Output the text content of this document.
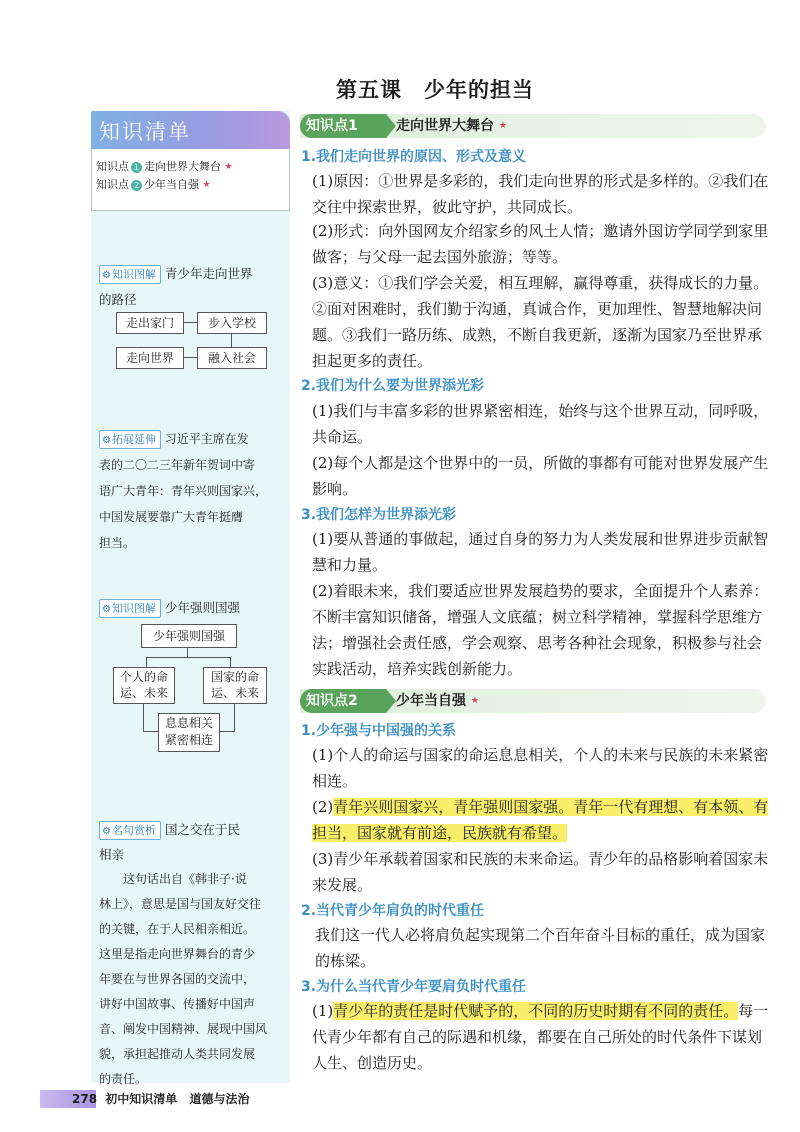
第五课　少年的担当
知识清单
知识点 1 走向世界大舞台 ★
知识点 2 少年当自强 ★
⚙知识图解 青少年走向世界
的路径
走出家门	步入学校
走向世界	融入社会
⚙拓展延伸 习近平主席在发
表的二〇二三年新年贺词中寄
语广大青年：青年兴则国家兴，
中国发展要靠广大青年挺膺
担当。
⚙知识图解 少年强则国强
少年强则国强
个人的命
运、未来
国家的命
运、未来
息息相关
紧密相连
⚙名句赏析 国之交在于民
相亲
这句话出自《韩非子·说
林上》，意思是国与国友好交往
的关键，在于人民相亲相近。
这里是指走向世界舞台的青少
年要在与世界各国的交流中，
讲好中国故事、传播好中国声
音、阐发中国精神、展现中国风
貌，承担起推动人类共同发展
的责任。
知识点1	走向世界大舞台 ★
1.我们走向世界的原因、形式及意义
(1)原因：①世界是多彩的，我们走向世界的形式是多样的。②我们在交往中探索世界，彼此守护，共同成长。
(2)形式：向外国网友介绍家乡的风土人情；邀请外国访学同学到家里做客；与父母一起去国外旅游；等等。
(3)意义：①我们学会关爱，相互理解，赢得尊重，获得成长的力量。②面对困难时，我们勤于沟通，真诚合作，更加理性、智慧地解决问题。③我们一路历练、成熟，不断自我更新，逐渐为国家乃至世界承担起更多的责任。
2.我们为什么要为世界添光彩
(1)我们与丰富多彩的世界紧密相连，始终与这个世界互动，同呼吸，共命运。
(2)每个人都是这个世界中的一员，所做的事都有可能对世界发展产生影响。
3.我们怎样为世界添光彩
(1)要从普通的事做起，通过自身的努力为人类发展和世界进步贡献智慧和力量。
(2)着眼未来，我们要适应世界发展趋势的要求，全面提升个人素养：不断丰富知识储备，增强人文底蕴；树立科学精神，掌握科学思维方法；增强社会责任感，学会观察、思考各种社会现象，积极参与社会实践活动，培养实践创新能力。
知识点2	少年当自强 ★
1.少年强与中国强的关系
(1)个人的命运与国家的命运息息相关，个人的未来与民族的未来紧密相连。
(2)青年兴则国家兴，青年强则国家强。青年一代有理想、有本领、有担当，国家就有前途，民族就有希望。
(3)青少年承载着国家和民族的未来命运。青少年的品格影响着国家未来发展。
2.当代青少年肩负的时代重任
我们这一代人必将肩负起实现第二个百年奋斗目标的重任，成为国家的栋梁。
3.为什么当代青少年要肩负时代重任
(1)青少年的责任是时代赋予的，不同的历史时期有不同的责任。每一代青少年都有自己的际遇和机缘，都要在自己所处的时代条件下谋划人生、创造历史。
278 初中知识清单 道德与法治
